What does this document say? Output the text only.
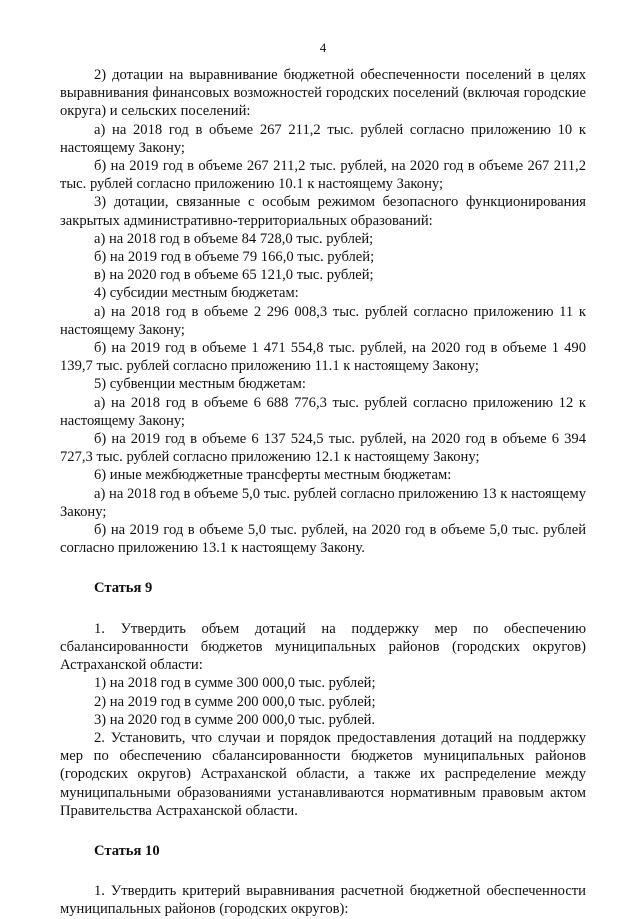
4

2) дотации на выравнивание бюджетной обеспеченности поселений в целях выравнивания финансовых возможностей городских поселений (включая городские округа) и сельских поселений:

а) на 2018 год в объеме 267 211,2 тыс. рублей согласно приложению 10 к настоящему Закону;

б) на 2019 год в объеме 267 211,2 тыс. рублей, на 2020 год в объеме 267 211,2 тыс. рублей согласно приложению 10.1 к настоящему Закону;

3) дотации, связанные с особым режимом безопасного функционирования закрытых административно-территориальных образований:

а) на 2018 год в объеме 84 728,0 тыс. рублей;

б) на 2019 год в объеме 79 166,0 тыс. рублей;

в) на 2020 год в объеме 65 121,0 тыс. рублей;

4) субсидии местным бюджетам:

а) на 2018 год в объеме 2 296 008,3 тыс. рублей согласно приложению 11 к настоящему Закону;

б) на 2019 год в объеме 1 471 554,8 тыс. рублей, на 2020 год в объеме 1 490 139,7 тыс. рублей согласно приложению 11.1 к настоящему Закону;

5) субвенции местным бюджетам:

а) на 2018 год в объеме 6 688 776,3 тыс. рублей согласно приложению 12 к настоящему Закону;

б) на 2019 год в объеме 6 137 524,5 тыс. рублей, на 2020 год в объеме 6 394 727,3 тыс. рублей согласно приложению 12.1 к настоящему Закону;

6) иные межбюджетные трансферты местным бюджетам:

а) на 2018 год в объеме 5,0 тыс. рублей согласно приложению 13 к настоящему Закону;

б) на 2019 год в объеме 5,0 тыс. рублей, на 2020 год в объеме 5,0 тыс. рублей согласно приложению 13.1 к настоящему Закону.

Статья 9

1. Утвердить объем дотаций на поддержку мер по обеспечению сбалансированности бюджетов муниципальных районов (городских округов) Астраханской области:

1) на 2018 год в сумме 300 000,0 тыс. рублей;

2) на 2019 год в сумме 200 000,0 тыс. рублей;

3) на 2020 год в сумме 200 000,0 тыс. рублей.

2. Установить, что случаи и порядок предоставления дотаций на поддержку мер по обеспечению сбалансированности бюджетов муниципальных районов (городских округов) Астраханской области, а также их распределение между муниципальными образованиями устанавливаются нормативным правовым актом Правительства Астраханской области.

Статья 10

1. Утвердить критерий выравнивания расчетной бюджетной обеспеченности муниципальных районов (городских округов):
